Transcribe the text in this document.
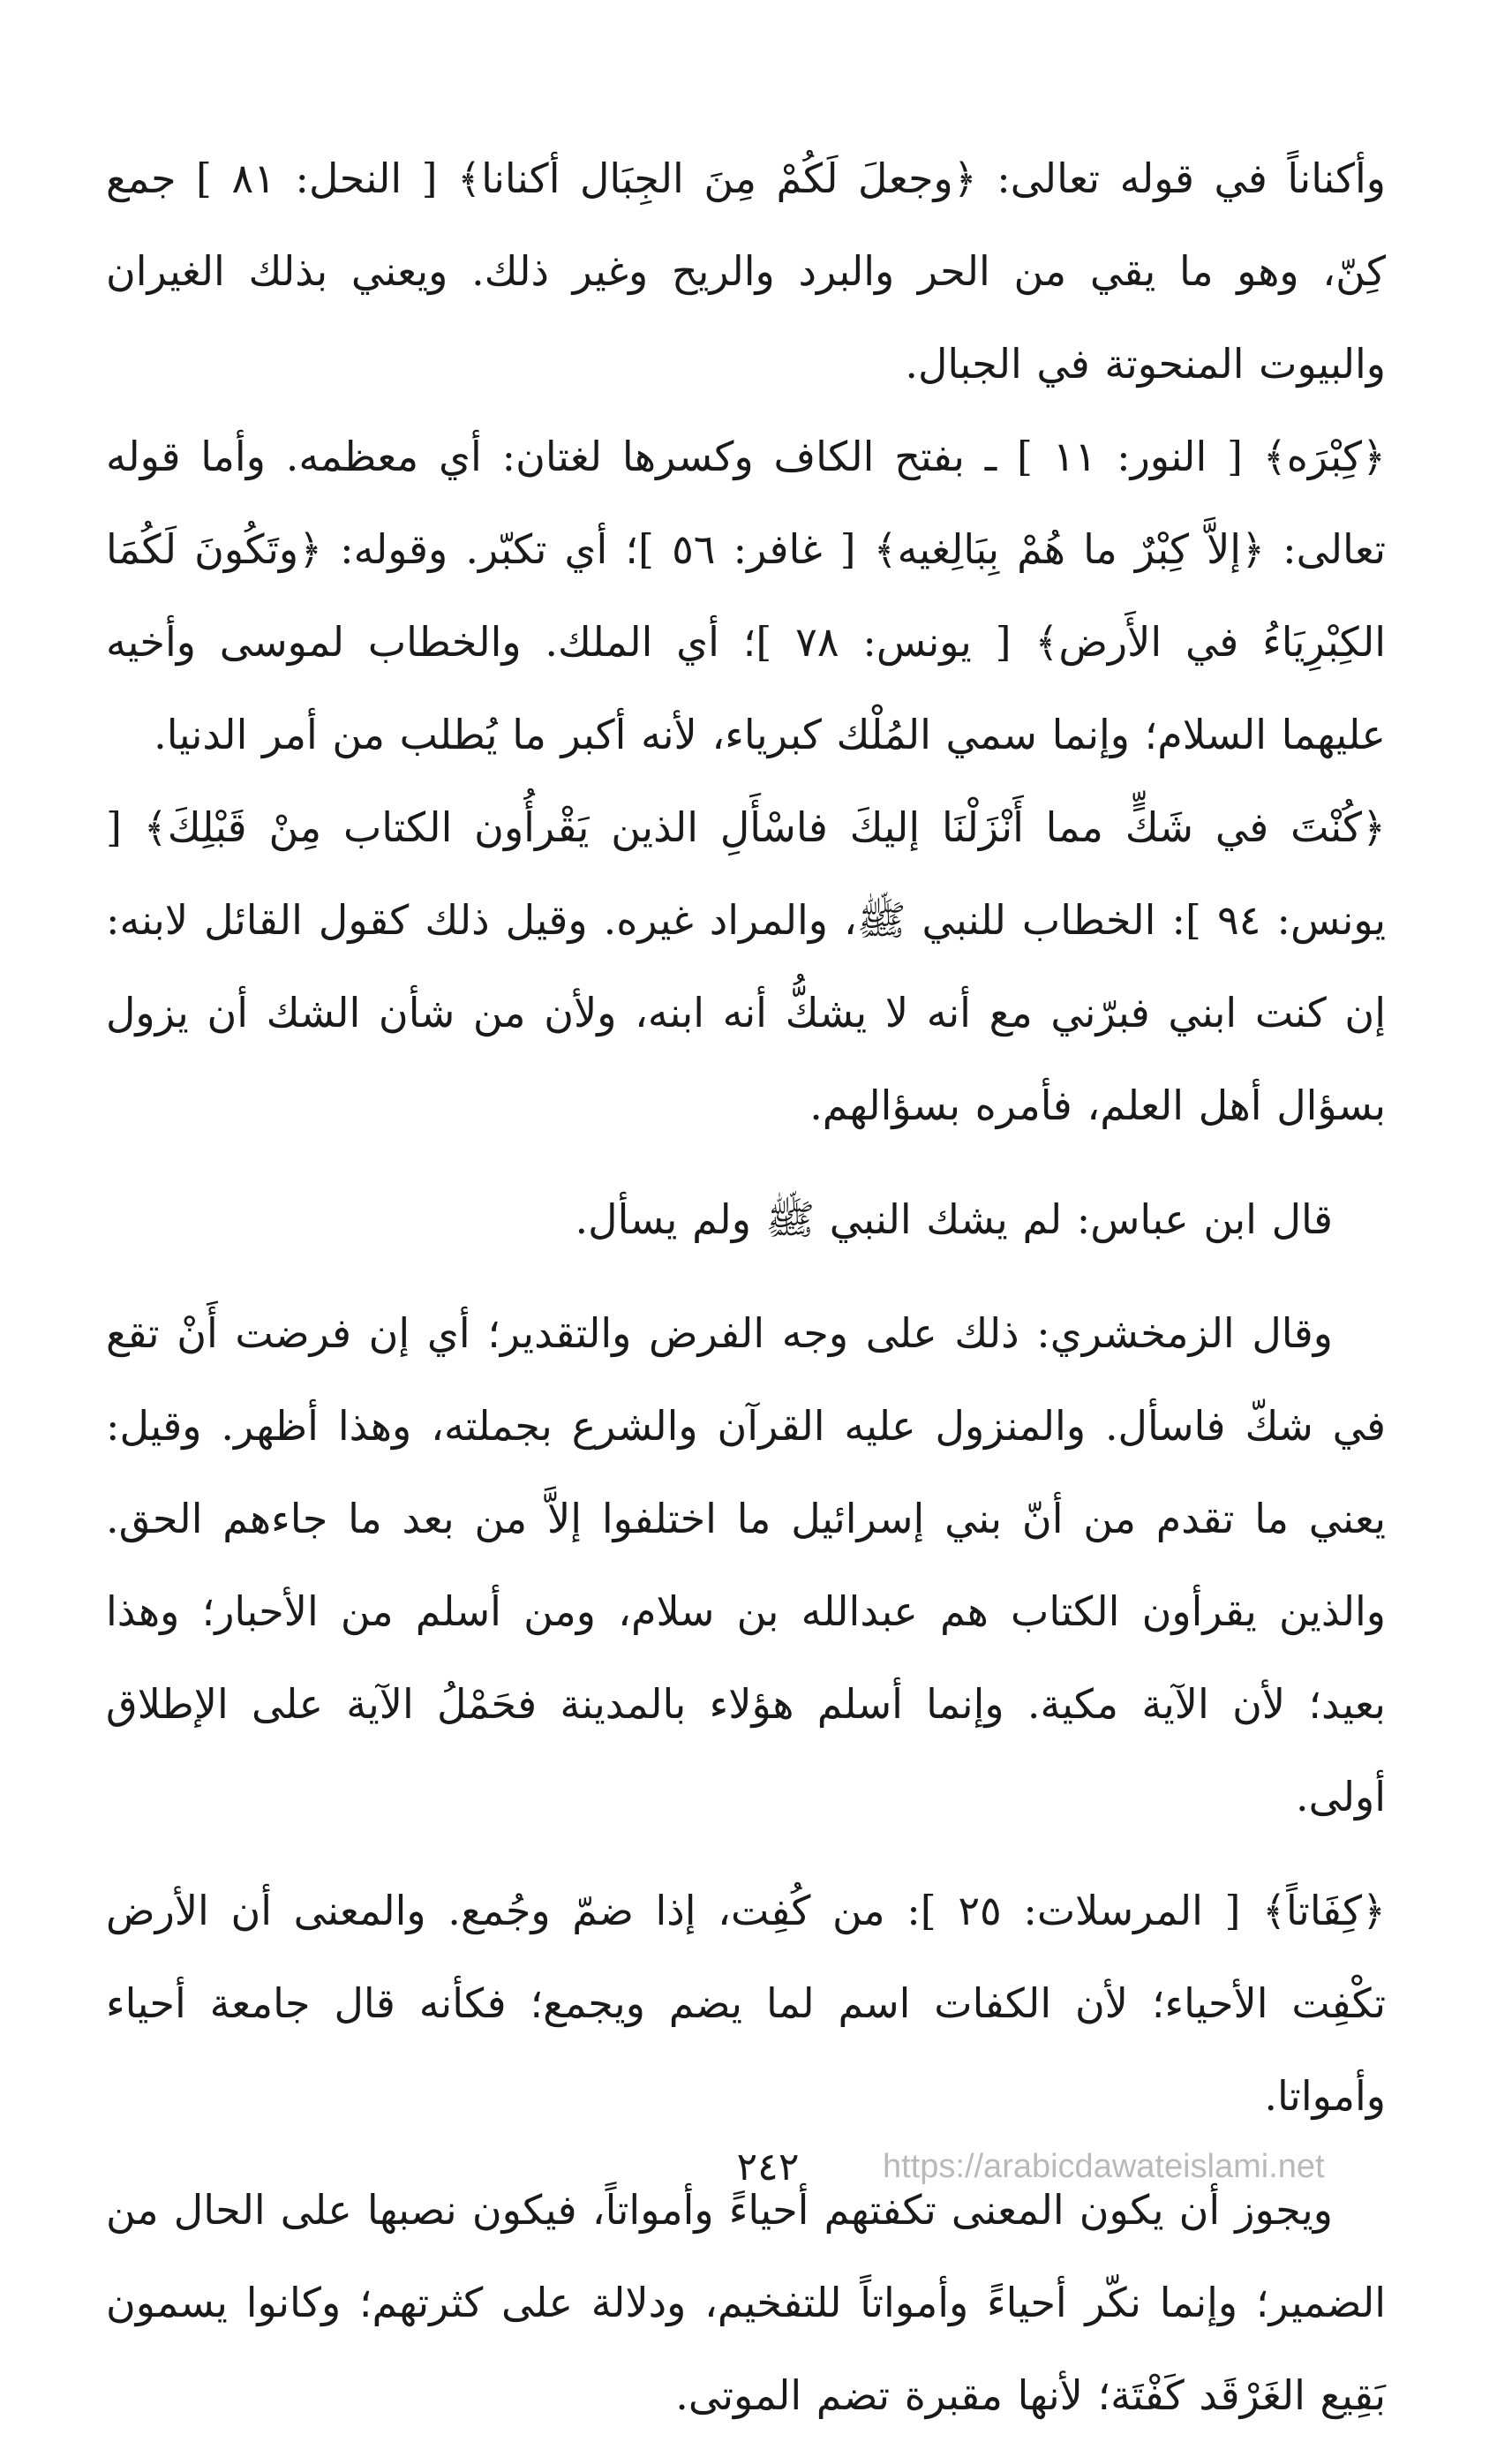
وأكناناً في قوله تعالى: ﴿وجعلَ لَكُمْ مِنَ الجِبَال أكنانا﴾ [ النحل: ٨١ ] جمع كِنّ، وهو ما يقي من الحر والبرد والريح وغير ذلك. ويعني بذلك الغيران والبيوت المنحوتة في الجبال.

﴿كِبْرَه﴾ [ النور: ١١ ] ـ بفتح الكاف وكسرها لغتان: أي معظمه. وأما قوله تعالى: ﴿إلاَّ كِبْرٌ ما هُمْ بِبَالِغيه﴾ [ غافر: ٥٦ ]؛ أي تكبّر. وقوله: ﴿وتَكُونَ لَكُمَا الكِبْرِيَاءُ في الأَرض﴾ [ يونس: ٧٨ ]؛ أي الملك. والخطاب لموسى وأخيه عليهما السلام؛ وإنما سمي المُلْك كبرياء، لأنه أكبر ما يُطلب من أمر الدنيا.

﴿كُنْتَ في شَكٍّ مما أَنْزَلْنَا إليكَ فاسْأَلِ الذين يَقْرأُون الكتاب مِنْ قَبْلِكَ﴾ [ يونس: ٩٤ ]: الخطاب للنبي ﷺ، والمراد غيره. وقيل ذلك كقول القائل لابنه: إن كنت ابني فبرّني مع أنه لا يشكُّ أنه ابنه، ولأن من شأن الشك أن يزول بسؤال أهل العلم، فأمره بسؤالهم.

قال ابن عباس: لم يشك النبي ﷺ ولم يسأل.

وقال الزمخشري: ذلك على وجه الفرض والتقدير؛ أي إن فرضت أَنْ تقع في شكّ فاسأل. والمنزول عليه القرآن والشرع بجملته، وهذا أظهر. وقيل: يعني ما تقدم من أنّ بني إسرائيل ما اختلفوا إلاَّ من بعد ما جاءهم الحق. والذين يقرأون الكتاب هم عبدالله بن سلام، ومن أسلم من الأحبار؛ وهذا بعيد؛ لأن الآية مكية. وإنما أسلم هؤلاء بالمدينة فحَمْلُ الآية على الإطلاق أولى.

﴿كِفَاتاً﴾ [ المرسلات: ٢٥ ]: من كُفِت، إذا ضمّ وجُمع. والمعنى أن الأرض تكْفِت الأحياء؛ لأن الكفات اسم لما يضم ويجمع؛ فكأنه قال جامعة أحياء وأمواتا.

ويجوز أن يكون المعنى تكفتهم أحياءً وأمواتاً، فيكون نصبها على الحال من الضمير؛ وإنما نكّر أحياءً وأمواتاً للتفخيم، ودلالة على كثرتهم؛ وكانوا يسمون بَقِيع الغَرْقَد كَفْتَة؛ لأنها مقبرة تضم الموتى.

٢٤٢	https://arabicdawateislami.net
